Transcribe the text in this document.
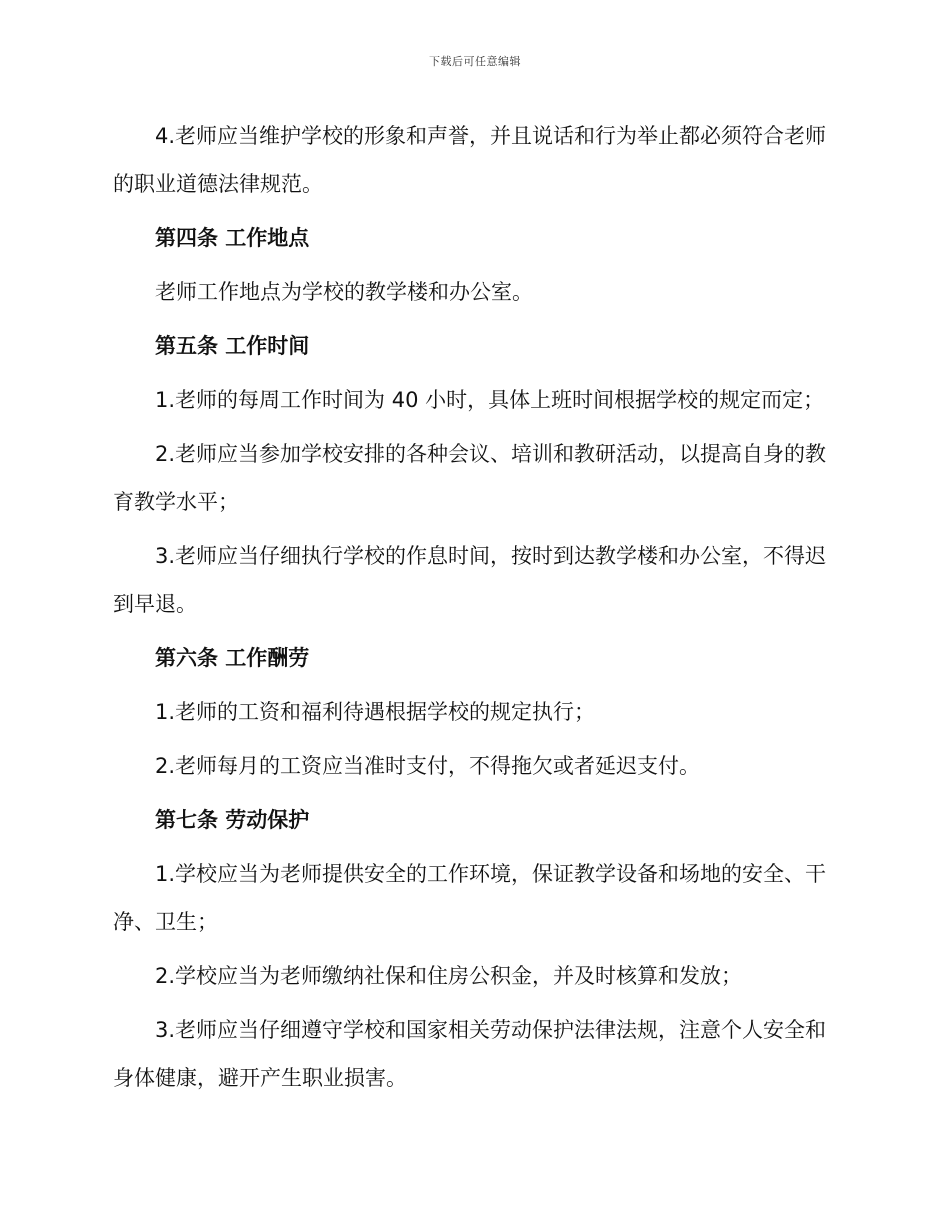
下载后可任意编辑

4.老师应当维护学校的形象和声誉，并且说话和行为举止都必须符合老师的职业道德法律规范。

第四条 工作地点

老师工作地点为学校的教学楼和办公室。

第五条 工作时间

1.老师的每周工作时间为 40 小时，具体上班时间根据学校的规定而定；

2.老师应当参加学校安排的各种会议、培训和教研活动，以提高自身的教育教学水平；

3.老师应当仔细执行学校的作息时间，按时到达教学楼和办公室，不得迟到早退。

第六条 工作酬劳

1.老师的工资和福利待遇根据学校的规定执行；

2.老师每月的工资应当准时支付，不得拖欠或者延迟支付。

第七条 劳动保护

1.学校应当为老师提供安全的工作环境，保证教学设备和场地的安全、干净、卫生；

2.学校应当为老师缴纳社保和住房公积金，并及时核算和发放；

3.老师应当仔细遵守学校和国家相关劳动保护法律法规，注意个人安全和身体健康，避开产生职业损害。
